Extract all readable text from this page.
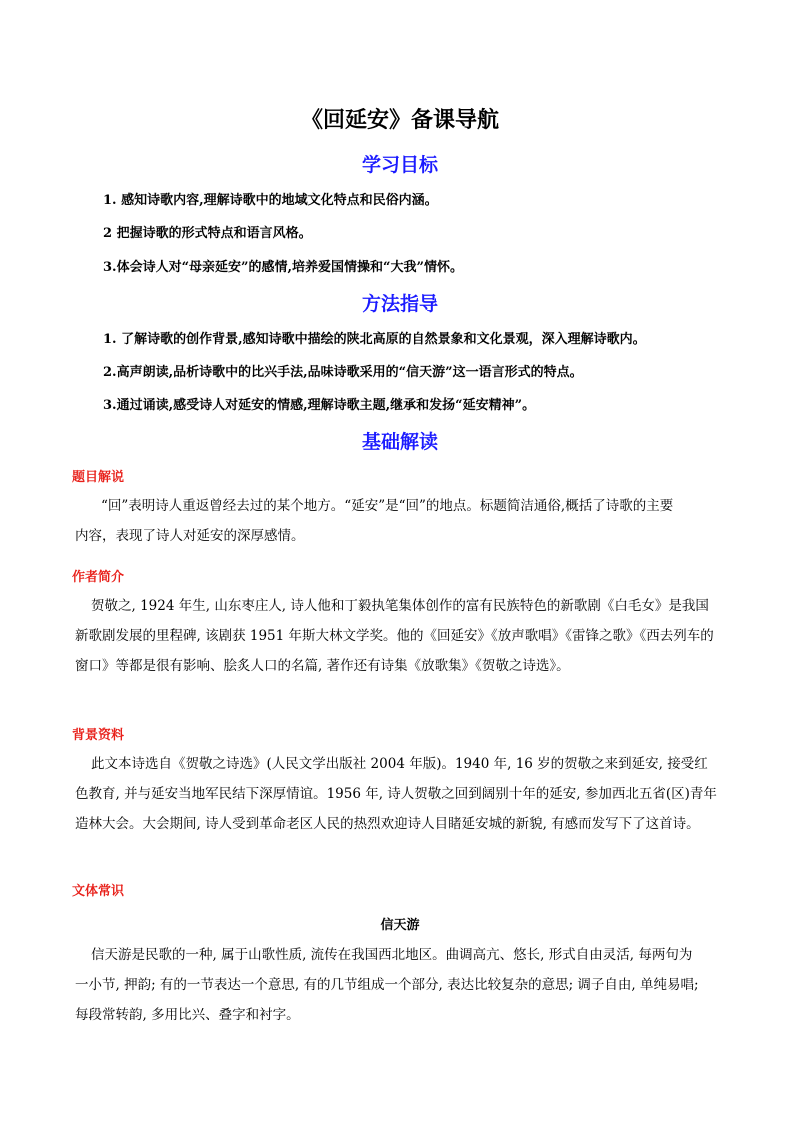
《回延安》备课导航
学习目标
1. 感知诗歌内容,理解诗歌中的地域文化特点和民俗内涵。
2 把握诗歌的形式特点和语言风格。
3.体会诗人对“母亲延安”的感情,培养爱国情操和“大我”情怀。
方法指导
1. 了解诗歌的创作背景,感知诗歌中描绘的陕北高原的自然景象和文化景观，深入理解诗歌内。
2.高声朗读,品析诗歌中的比兴手法,品味诗歌采用的“信天游”这一语言形式的特点。
3.通过诵读,感受诗人对延安的情感,理解诗歌主题,继承和发扬“延安精神”。
基础解读
题目解说
“回”表明诗人重返曾经去过的某个地方。“延安”是“回”的地点。标题简洁通俗,概括了诗歌的主要
内容，表现了诗人对延安的深厚感情。
作者简介
贺敬之, 1924 年生, 山东枣庄人, 诗人他和丁毅执笔集体创作的富有民族特色的新歌剧《白毛女》是我国
新歌剧发展的里程碑, 该剧获 1951 年斯大林文学奖。他的《回延安》《放声歌唱》《雷锋之歌》《西去列车的
窗口》等都是很有影响、脍炙人口的名篇, 著作还有诗集《放歌集》《贺敬之诗选》。
背景资料
此文本诗选自《贺敬之诗选》(人民文学出版社 2004 年版)。1940 年, 16 岁的贺敬之来到延安, 接受红
色教育, 并与延安当地军民结下深厚情谊。1956 年, 诗人贺敬之回到阔别十年的延安, 参加西北五省(区)青年
造林大会。大会期间, 诗人受到革命老区人民的热烈欢迎诗人目睹延安城的新貌, 有感而发写下了这首诗。
文体常识
信天游
信天游是民歌的一种, 属于山歌性质, 流传在我国西北地区。曲调高亢、悠长, 形式自由灵活, 每两句为
一小节, 押韵; 有的一节表达一个意思, 有的几节组成一个部分, 表达比较复杂的意思; 调子自由, 单纯易唱;
每段常转韵, 多用比兴、叠字和衬字。
